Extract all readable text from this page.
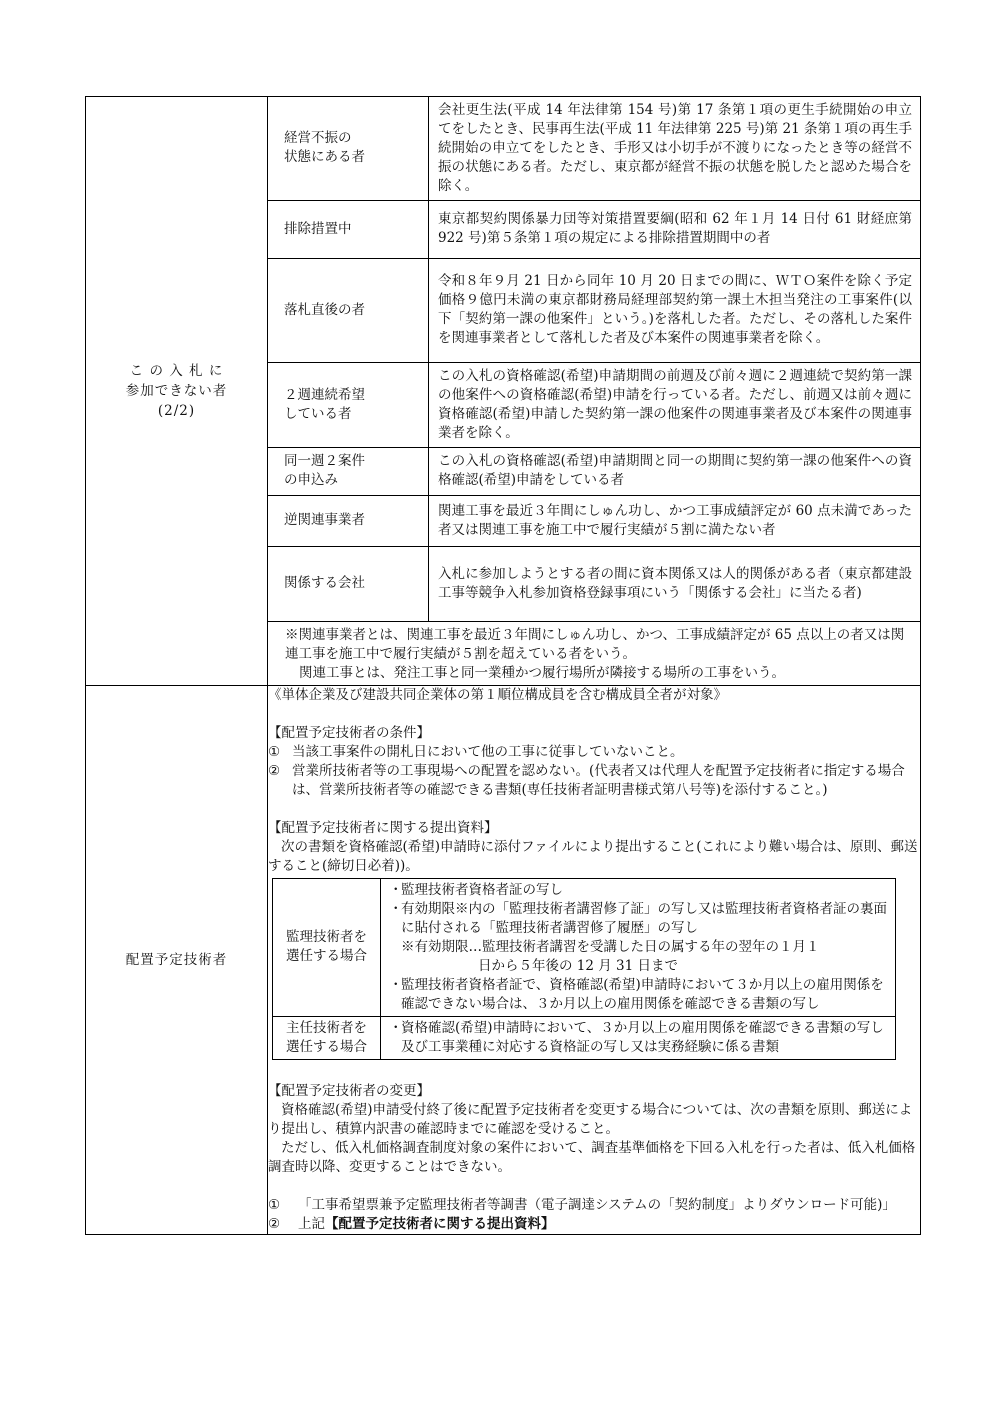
こ の 入 札 に
参加できない者
(2/2)

経営不振の
状態にある者
	会社更生法(平成 14 年法律第 154 号)第 17 条第１項の更生手続開始の申立てをしたとき、民事再生法(平成 11 年法律第 225 号)第 21 条第１項の再生手続開始の申立てをしたとき、手形又は小切手が不渡りになったとき等の経営不振の状態にある者。ただし、東京都が経営不振の状態を脱したと認めた場合を除く。

排除措置中
	東京都契約関係暴力団等対策措置要綱(昭和 62 年１月 14 日付 61 財経庶第 922 号)第５条第１項の規定による排除措置期間中の者

落札直後の者
	令和８年９月 21 日から同年 10 月 20 日までの間に、ＷＴＯ案件を除く予定価格９億円未満の東京都財務局経理部契約第一課土木担当発注の工事案件(以下「契約第一課の他案件」という。)を落札した者。ただし、その落札した案件を関連事業者として落札した者及び本案件の関連事業者を除く。

２週連続希望
している者
	この入札の資格確認(希望)申請期間の前週及び前々週に２週連続で契約第一課の他案件への資格確認(希望)申請を行っている者。ただし、前週又は前々週に資格確認(希望)申請した契約第一課の他案件の関連事業者及び本案件の関連事業者を除く。

同一週２案件
の申込み
	この入札の資格確認(希望)申請期間と同一の期間に契約第一課の他案件への資格確認(希望)申請をしている者

逆関連事業者
	関連工事を最近３年間にしゅん功し、かつ工事成績評定が 60 点未満であった者又は関連工事を施工中で履行実績が５割に満たない者

関係する会社
	入札に参加しようとする者の間に資本関係又は人的関係がある者（東京都建設工事等競争入札参加資格登録事項にいう「関係する会社」に当たる者)
※関連事業者とは、関連工事を最近３年間にしゅん功し、かつ、工事成績評定が 65 点以上の者又は関連工事を施工中で履行実績が５割を超えている者をいう。
関連工事とは、発注工事と同一業種かつ履行場所が隣接する場所の工事をいう。

配置予定技術者	

《単体企業及び建設共同企業体の第１順位構成員を含む構成員全者が対象》

【配置予定技術者の条件】

① 当該工事案件の開札日において他の工事に従事していないこと。
② 営業所技術者等の工事現場への配置を認めない。(代表者又は代理人を配置予定技術者に指定する場合は、営業所技術者等の確認できる書類(専任技術者証明書様式第八号等)を添付すること。)

【配置予定技術者に関する提出資料】

次の書類を資格確認(希望)申請時に添付ファイルにより提出すること(これにより難い場合は、原則、郵送すること(締切日必着))。

監理技術者を
選任する場合

・
監理技術者資格者証の写し
・
有効期限※内の「監理技術者講習修了証」の写し又は監理技術者資格者証の裏面に貼付される「監理技術者講習修了履歴」の写し
※有効期限…監理技術者講習を受講した日の属する年の翌年の１月１
日から５年後の 12 月 31 日まで
・
監理技術者資格者証で、資格確認(希望)申請時において３か月以上の雇用関係を確認できない場合は、３か月以上の雇用関係を確認できる書類の写し

主任技術者を
選任する場合

・
資格確認(希望)申請時において、３か月以上の雇用関係を確認できる書類の写し及び工事業種に対応する資格証の写し又は実務経験に係る書類

【配置予定技術者の変更】

資格確認(希望)申請受付終了後に配置予定技術者を変更する場合については、次の書類を原則、郵送により提出し、積算内訳書の確認時までに確認を受けること。

ただし、低入札価格調査制度対象の案件において、調査基準価格を下回る入札を行った者は、低入札価格調査時以降、変更することはできない。

①	「工事希望票兼予定監理技術者等調書（電子調達システムの「契約制度」よりダウンロード可能)」
②	上記【配置予定技術者に関する提出資料】
